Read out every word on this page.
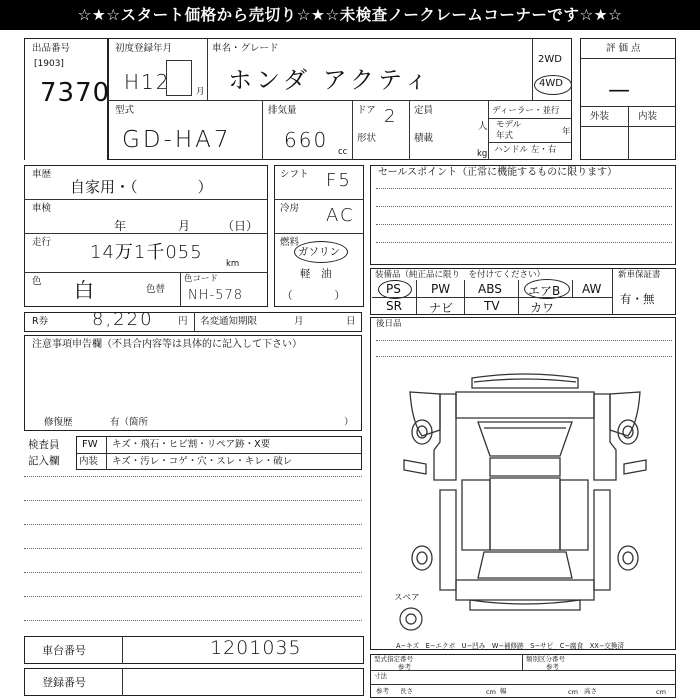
☆★☆スタート価格から売切り☆★☆未検査ノークレームコーナーです☆★☆
出品番号
[1903]
7370
初度登録年月
H12	月
車名・グレード
ホンダ アクティ
2WD
4WD
型式
GD-HA7
排気量
660 cc
ドア 2
形状
定員
人
積載
kg
ディーラー・並行
モデル
年式	年
ハンドル 左・右
評価点
—
外装	内装
車歴
自家用・（　　　　）
車検
年	月	（日）
走行 14万1千055
km
色 白	色替
色コード
NH-578
R券 8,220	円 名変通知期限	月	日
注意事項申告欄（不具合内容等は具体的に記入して下さい）
修復歴	有（箇所	）
検査員
記入欄
FW キズ・飛石・ヒビ割・リペア跡・X要
内装 キズ・汚レ・コゲ・穴・スレ・キレ・破レ
シフト F5
冷房 AC
燃料
ガソリン
軽　油
（　　　　）
セールスポイント（正常に機能するものに限ります）
装備品（純正品に限り　を付けてください）	新車保証書
有・無
PS	PW ABS エアB AW
SR ナビ	TV	カワ
後日品
スペア
A−キズ　E−エクボ　U−凹み　W−補修跡　S−サビ　C−腐食　XX−交換済
車台番号	1201035
登録番号
型式指定番号
参考
類別区分番号
参考
寸法
参考 長さ	cm 幅	cm 高さ	cm
